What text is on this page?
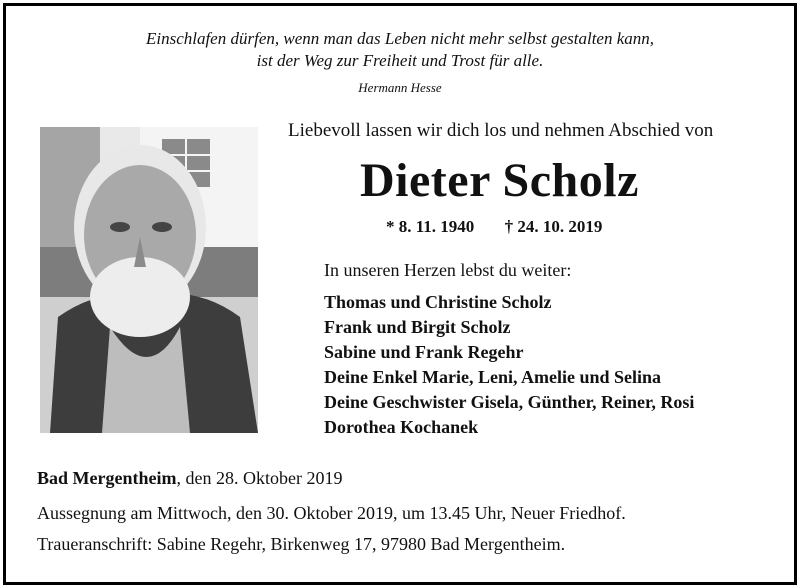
Einschlafen dürfen, wenn man das Leben nicht mehr selbst gestalten kann,
ist der Weg zur Freiheit und Trost für alle.
Hermann Hesse
Liebevoll lassen wir dich los und nehmen Abschied von
Dieter Scholz
* 8. 11. 1940 † 24. 10. 2019
In unseren Herzen lebst du weiter:
Thomas und Christine Scholz
Frank und Birgit Scholz
Sabine und Frank Regehr
Deine Enkel Marie, Leni, Amelie und Selina
Deine Geschwister Gisela, Günther, Reiner, Rosi
Dorothea Kochanek
Bad Mergentheim, den 28. Oktober 2019
Aussegnung am Mittwoch, den 30. Oktober 2019, um 13.45 Uhr, Neuer Friedhof.
Traueranschrift: Sabine Regehr, Birkenweg 17, 97980 Bad Mergentheim.
